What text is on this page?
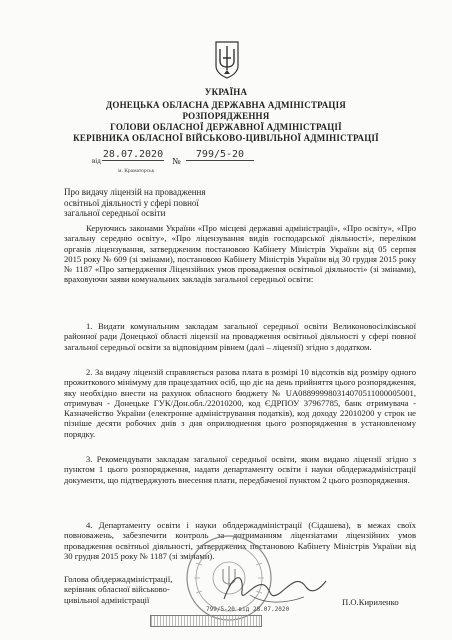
УКРАЇНА
ДОНЕЦЬКА ОБЛАСНА ДЕРЖАВНА АДМІНІСТРАЦІЯ
РОЗПОРЯДЖЕННЯ
ГОЛОВИ ОБЛАСНОЇ ДЕРЖАВНОЇ АДМІНІСТРАЦІЇ
КЕРІВНИКА ОБЛАСНОЇ ВІЙСЬКОВО-ЦИВІЛЬНОЇ АДМІНІСТРАЦІЇ
від
28.07.2020
№
799/5-20
м. Краматорськ
Про видачу ліцензій на провадження освітньої діяльності у сфері повної загальної середньої освіти
Керуючись законами України «Про місцеві державні адміністрації», «Про освіту», «Про загальну середню освіту», «Про ліцензування видів господарської діяльності», переліком органів ліцензування, затвердженим постановою Кабінету Міністрів України від 05 серпня 2015 року № 609 (зі змінами), постановою Кабінету Міністрів України від 30 грудня 2015 року № 1187 «Про затвердження Ліцензійних умов провадження освітньої діяльності» (зі змінами), враховуючи заяви комунальних закладів загальної середньої освіти:
1. Видати комунальним закладам загальної середньої освіти Великоновосілківської районної ради Донецької області ліцензії на провадження освітньої діяльності у сфері повної загальної середньої освіти за відповідним рівнем (далі – ліцензії) згідно з додатком.
2. За видачу ліцензій справляється разова плата в розмірі 10 відсотків від розміру одного прожиткового мінімуму для працездатних осіб, що діє на день прийняття цього розпорядження, яку необхідно внести на рахунок обласного бюджету № UA088999980314070511000005001, отримувач - Донецьке ГУК/Дон.обл./22010200, код ЄДРПОУ 37967785, банк отримувача - Казначейство України (електронне адміністрування податків), код доходу 22010200 у строк не пізніше десяти робочих днів з дня оприлюднення цього розпорядження в установленому порядку.
3. Рекомендувати закладам загальної середньої освіти, яким видано ліцензії згідно з пунктом 1 цього розпорядження, надати департаменту освіти і науки облдержадміністрації документи, що підтверджують внесення плати, передбаченої пунктом 2 цього розпорядження.
4. Департаменту освіти і науки облдержадміністрації (Сідашева), в межах своїх повноважень, забезпечити контроль за дотриманням ліцензіатами ліцензійних умов провадження освітньої діяльності, затверджених постановою Кабінету Міністрів України від 30 грудня 2015 року № 1187 (зі змінами).
Голова облдержадміністрації, керівник обласної військово-цивільної адміністрації	П.О.Кириленко
799/5-20 від 28.07.2020
